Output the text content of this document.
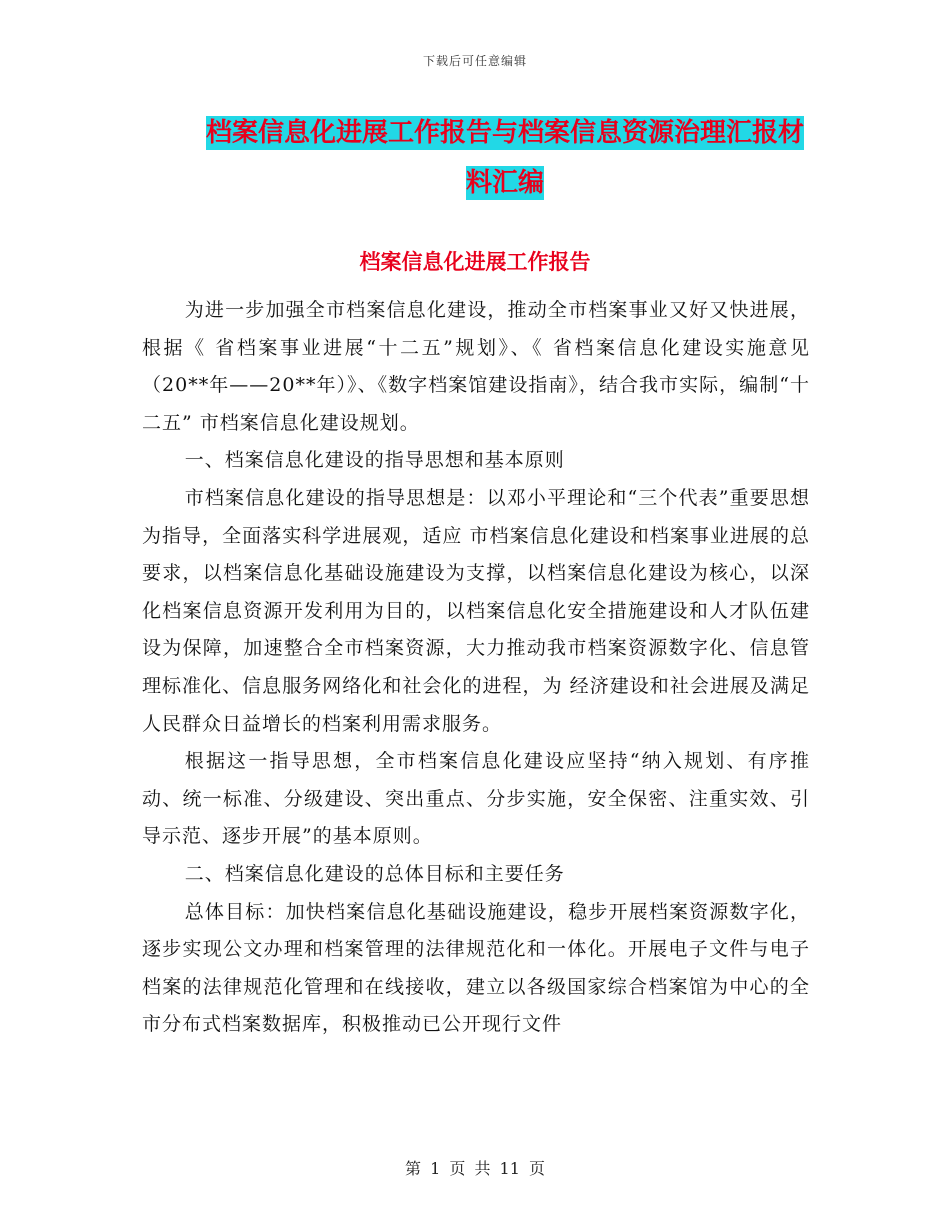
下载后可任意编辑
档案信息化进展工作报告与档案信息资源治理汇报材料汇编
档案信息化进展工作报告

为进一步加强全市档案信息化建设，推动全市档案事业又好又快进展，根据《 省档案事业进展“十二五”规划》、《 省档案信息化建设实施意见（20**年——20**年）》、《数字档案馆建设指南》，结合我市实际，编制“十二五” 市档案信息化建设规划。

一、档案信息化建设的指导思想和基本原则

市档案信息化建设的指导思想是：以邓小平理论和“三个代表”重要思想为指导，全面落实科学进展观，适应 市档案信息化建设和档案事业进展的总要求，以档案信息化基础设施建设为支撑，以档案信息化建设为核心，以深化档案信息资源开发利用为目的，以档案信息化安全措施建设和人才队伍建设为保障，加速整合全市档案资源，大力推动我市档案资源数字化、信息管理标准化、信息服务网络化和社会化的进程，为 经济建设和社会进展及满足人民群众日益增长的档案利用需求服务。

根据这一指导思想，全市档案信息化建设应坚持“纳入规划、有序推动、统一标准、分级建设、突出重点、分步实施，安全保密、注重实效、引导示范、逐步开展”的基本原则。

二、档案信息化建设的总体目标和主要任务

总体目标：加快档案信息化基础设施建设，稳步开展档案资源数字化，逐步实现公文办理和档案管理的法律规范化和一体化。开展电子文件与电子档案的法律规范化管理和在线接收，建立以各级国家综合档案馆为中心的全市分布式档案数据库，积极推动已公开现行文件

第 1 页 共 11 页
